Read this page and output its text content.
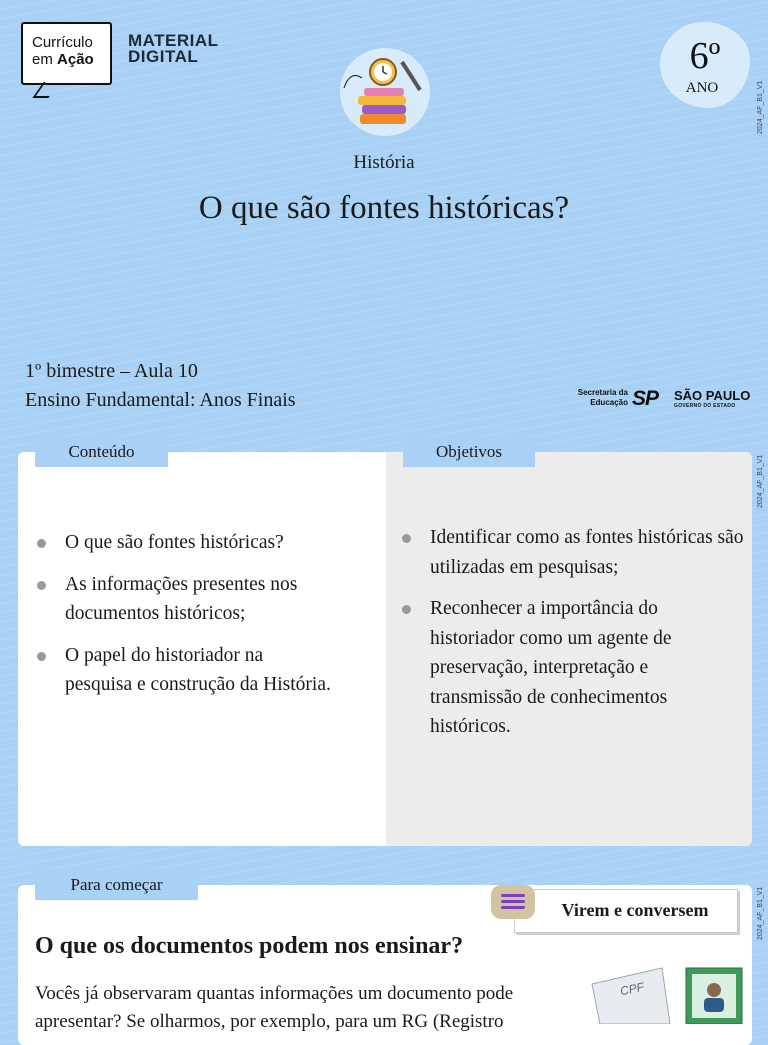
Currículo
em Ação
MATERIAL
DIGITAL	6º
ANO	2024_AF_B1_V1
2024_AF_B1_V1
2024_AF_B1_V1
História
O que são fontes históricas?
1º bimestre – Aula 10
Ensino Fundamental: Anos Finais	Secretaria da
Educação SP SÃO PAULO
GOVERNO DO ESTADO
Conteúdo	Objetivos
O que são fontes históricas?
As informações presentes nos documentos históricos;
O papel do historiador na pesquisa e construção da História.
Identificar como as fontes históricas são utilizadas em pesquisas;
Reconhecer a importância do historiador como um agente de preservação, interpretação e transmissão de conhecimentos históricos.
Para começar
Virem e conversem
O que os documentos podem nos ensinar?
Vocês já observaram quantas informações um documento pode apresentar? Se olharmos, por exemplo, para um RG (Registro
CPF
